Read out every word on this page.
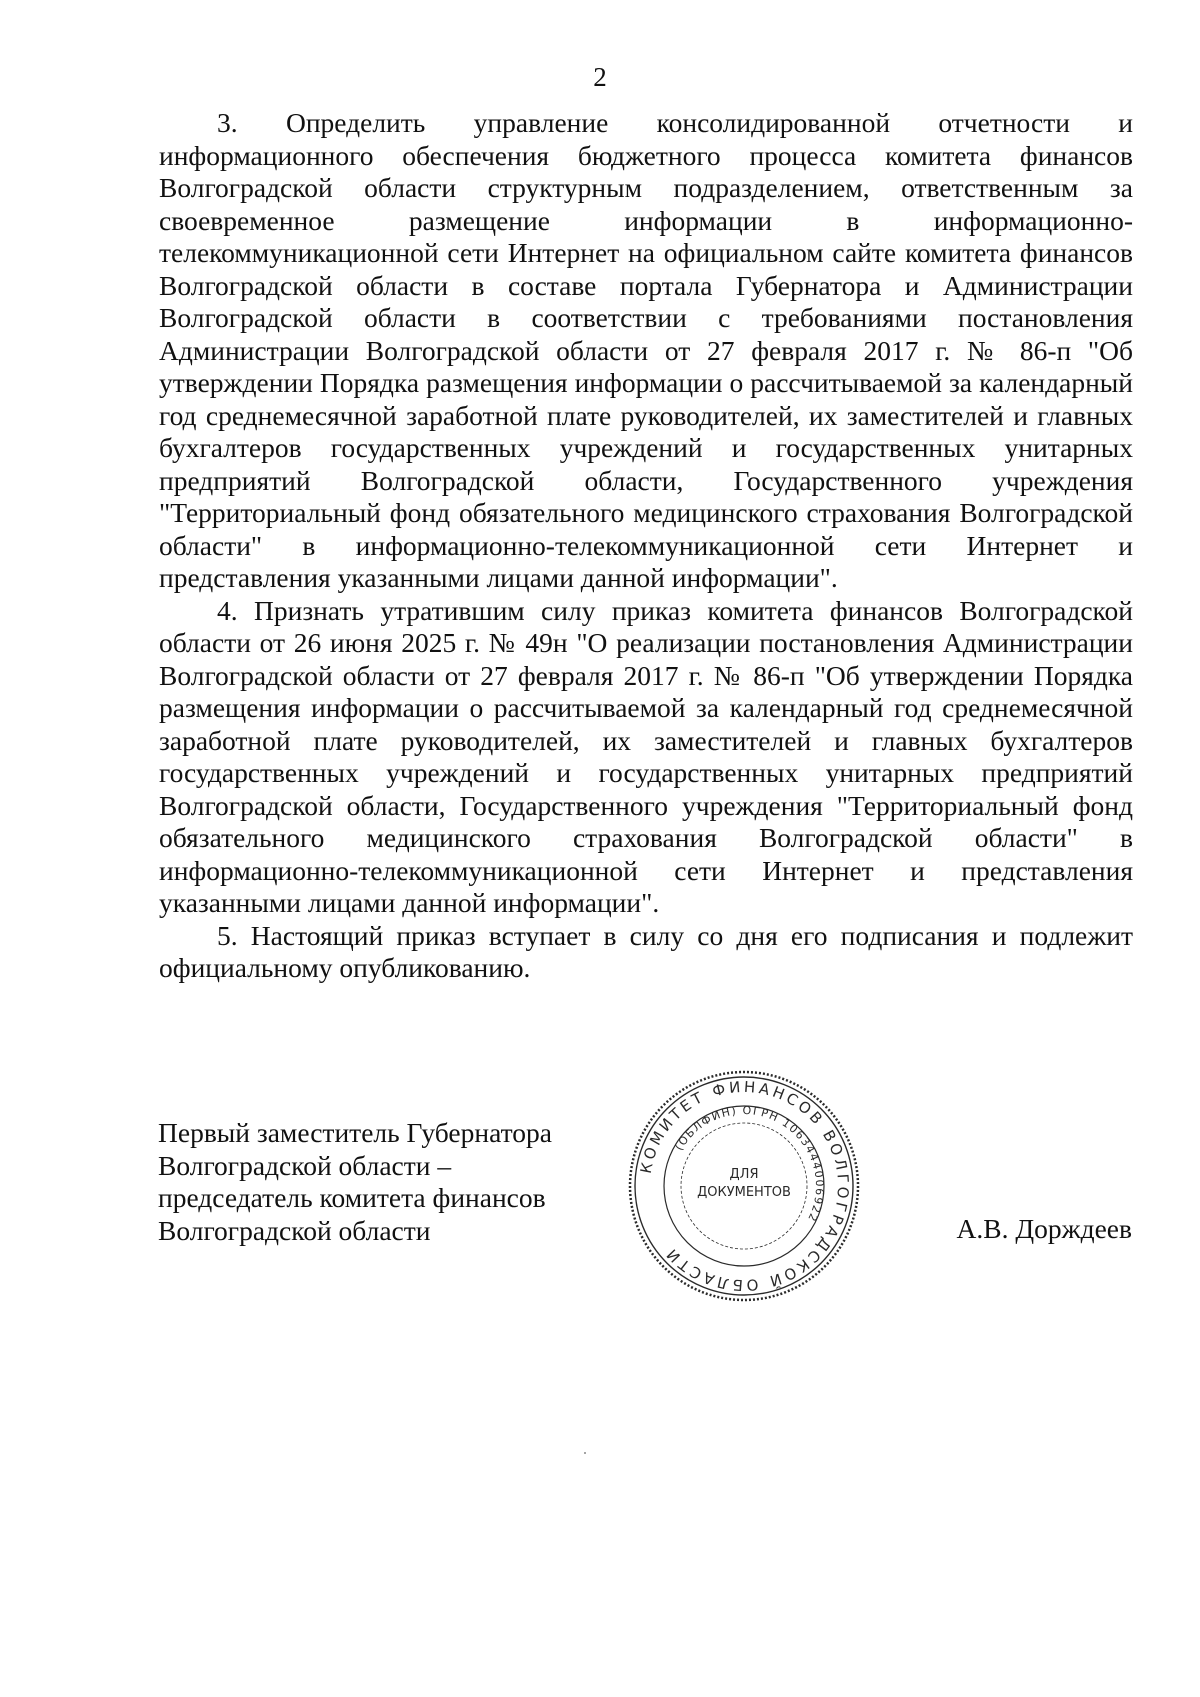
2

3. Определить управление консолидированной отчетности и информационного обеспечения бюджетного процесса комитета финансов Волгоградской области структурным подразделением, ответственным за своевременное размещение информации в информационно-телекоммуникационной сети Интернет на официальном сайте комитета финансов Волгоградской области в составе портала Губернатора и Администрации Волгоградской области в соответствии с требованиями постановления Администрации Волгоградской области от 27 февраля 2017 г. № 86-п "Об утверждении Порядка размещения информации о рассчитываемой за календарный год среднемесячной заработной плате руководителей, их заместителей и главных бухгалтеров государственных учреждений и государственных унитарных предприятий Волгоградской области, Государственного учреждения "Территориальный фонд обязательного медицинского страхования Волгоградской области" в информационно-телекоммуникационной сети Интернет и представления указанными лицами данной информации".

4. Признать утратившим силу приказ комитета финансов Волгоградской области от 26 июня 2025 г. № 49н "О реализации постановления Администрации Волгоградской области от 27 февраля 2017 г. № 86-п "Об утверждении Порядка размещения информации о рассчитываемой за календарный год среднемесячной заработной плате руководителей, их заместителей и главных бухгалтеров государственных учреждений и государственных унитарных предприятий Волгоградской области, Государственного учреждения "Территориальный фонд обязательного медицинского страхования Волгоградской области" в информационно-телекоммуникационной сети Интернет и представления указанными лицами данной информации".

5. Настоящий приказ вступает в силу со дня его подписания и подлежит официальному опубликованию.

Первый заместитель Губернатора
Волгоградской области –
председатель комитета финансов
Волгоградской области
КОМИТЕТ ФИНАНСОВ ВОЛГОГРАДСКОЙ ОБЛАСТИ
(ОБЛФИН) ОГРН 1063444006922
ДЛЯ
ДОКУМЕНТОВ
А.В. Дорждеев
